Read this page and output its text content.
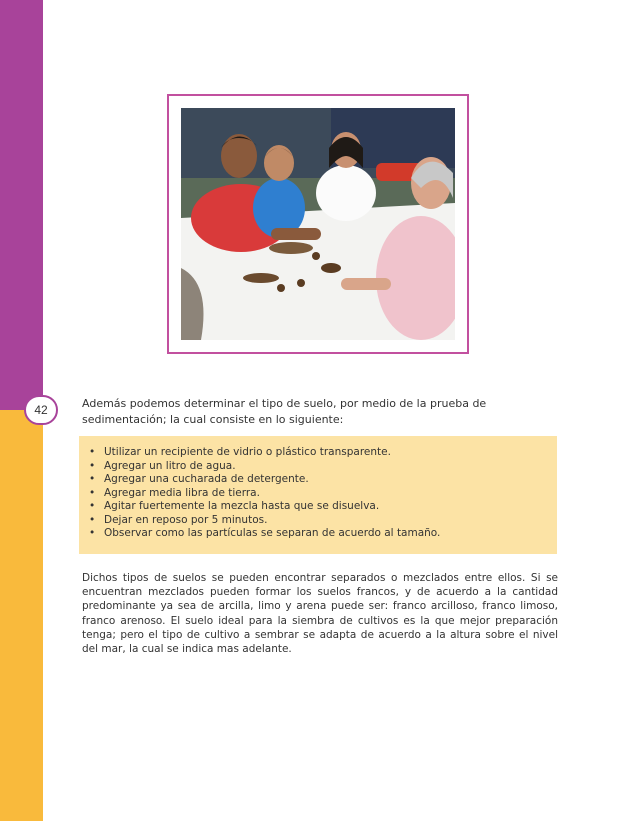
42	Además podemos determinar el tipo de suelo, por medio de la prueba de sedimentación; la cual consiste en lo siguiente:
• Utilizar un recipiente de vidrio o plástico transparente.
• Agregar un litro de agua.
• Agregar una cucharada de detergente.
• Agregar media libra de tierra.
• Agitar fuertemente la mezcla hasta que se disuelva.
• Dejar en reposo por 5 minutos.
• Observar como las partículas se separan de acuerdo al tamaño.
Dichos tipos de suelos se pueden encontrar separados o mezclados entre ellos. Si se encuentran mezclados pueden formar los suelos francos, y de acuerdo a la cantidad predominante ya sea de arcilla, limo y arena puede ser: franco arcilloso, franco limoso, franco arenoso. El suelo ideal para la siembra de cultivos es la que mejor preparación tenga; pero el tipo de cultivo a sembrar se adapta de acuerdo a la altura sobre el nivel del mar, la cual se indica mas adelante.
